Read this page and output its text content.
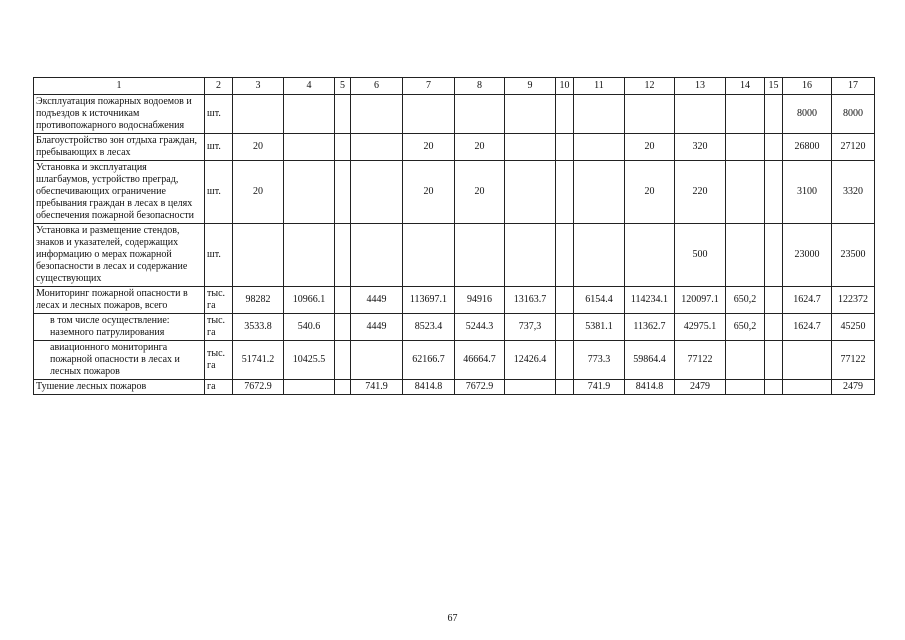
1	2	3	4	5	6	7	8	9	10	11	12	13	14	15	16	17
Эксплуатация пожарных водоемов и подъездов к источникам противопожарного водоснабжения	шт.														8000	8000
Благоустройство зон отдыха граждан, пребывающих в лесах	шт.	20				20	20				20	320			26800	27120
Установка и эксплуатация шлагбаумов, устройство преград, обеспечивающих ограничение пребывания граждан в лесах в целях обеспечения пожарной безопасности	шт.	20				20	20				20	220			3100	3320
Установка и размещение стендов, знаков и указателей, содержащих информацию о мерах пожарной безопасности в лесах и содержание существующих	шт.											500			23000	23500
Мониторинг пожарной опасности в лесах и лесных пожаров, всего	тыс. га	98282	10966.1		4449	113697.1	94916	13163.7		6154.4	114234.1	120097.1	650,2		1624.7	122372
в том числе осуществление: наземного патрулирования	тыс. га	3533.8	540.6		4449	8523.4	5244.3	737,3		5381.1	11362.7	42975.1	650,2		1624.7	45250
авиационного мониторинга пожарной опасности в лесах и лесных пожаров	тыс. га	51741.2	10425.5			62166.7	46664.7	12426.4		773.3	59864.4	77122				77122
Тушение лесных пожаров	га	7672.9			741.9	8414.8	7672.9			741.9	8414.8	2479				2479
67
